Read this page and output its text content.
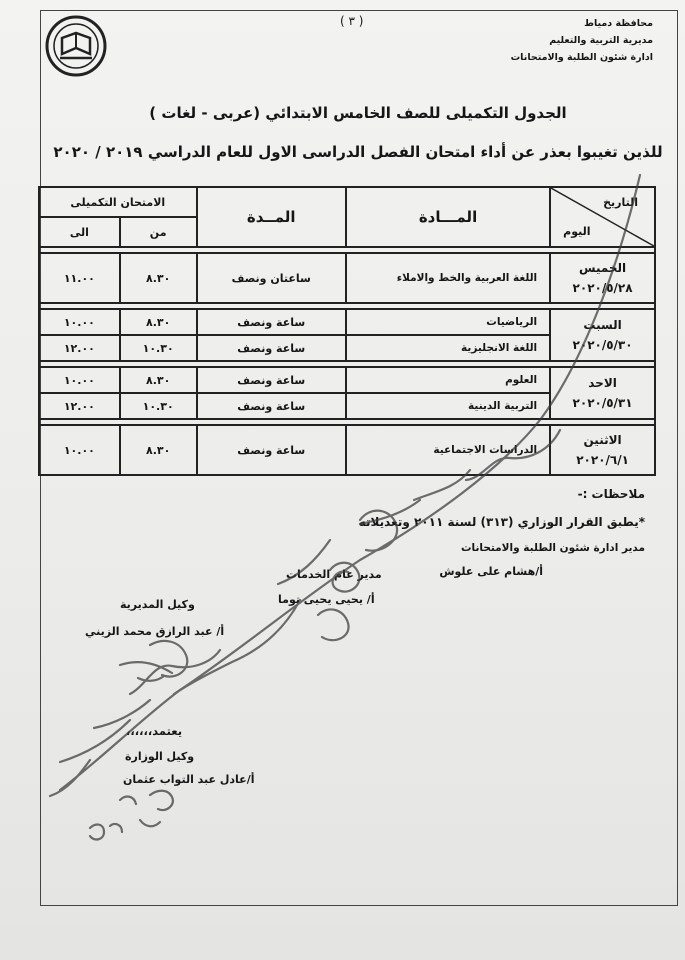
( ٣ )	محافظة دمياط
مديرية التربية والتعليم
ادارة شئون الطلبة والامتحانات
الجدول التكميلى للصف الخامس الابتدائي (عربى - لغات )
للذين تغيبوا بعذر عن أداء امتحان الفصل الدراسى الاول للعام الدراسي ٢٠١٩ / ٢٠٢٠
التاريخ
اليوم	المـــادة	المــدة	الامتحان التكميلى	
			من	الى

الخميس
٢٠٢٠/٥/٢٨	اللغة العربية والخط والاملاء	ساعتان ونصف	٨.٣٠	١١.٠٠

السبت
٢٠٢٠/٥/٣٠	الرياضيات	ساعة ونصف	٨.٣٠	١٠.٠٠
	اللغة الانجليزية	ساعة ونصف	١٠.٣٠	١٢.٠٠

الاحد
٢٠٢٠/٥/٣١	العلوم	ساعة ونصف	٨.٣٠	١٠.٠٠
	التربية الدينية	ساعة ونصف	١٠.٣٠	١٢.٠٠

الاثنين
٢٠٢٠/٦/١	الدراسات الاجتماعية	ساعة ونصف	٨.٣٠	١٠.٠٠
ملاحظات :-
*يطبق القرار الوزاري (٣١٣) لسنة ٢٠١١ وتعديلاته
مدير ادارة شئون الطلبة والامتحانات
أ/هشام على علوش
مدير عام الخدمات
أ/ يحيى يحيى توما
وكيل المديرية
أ/ عبد الرازق محمد الزيني
يعتمد،،،،،،
وكيل الوزارة
أ/عادل عبد التواب عثمان
